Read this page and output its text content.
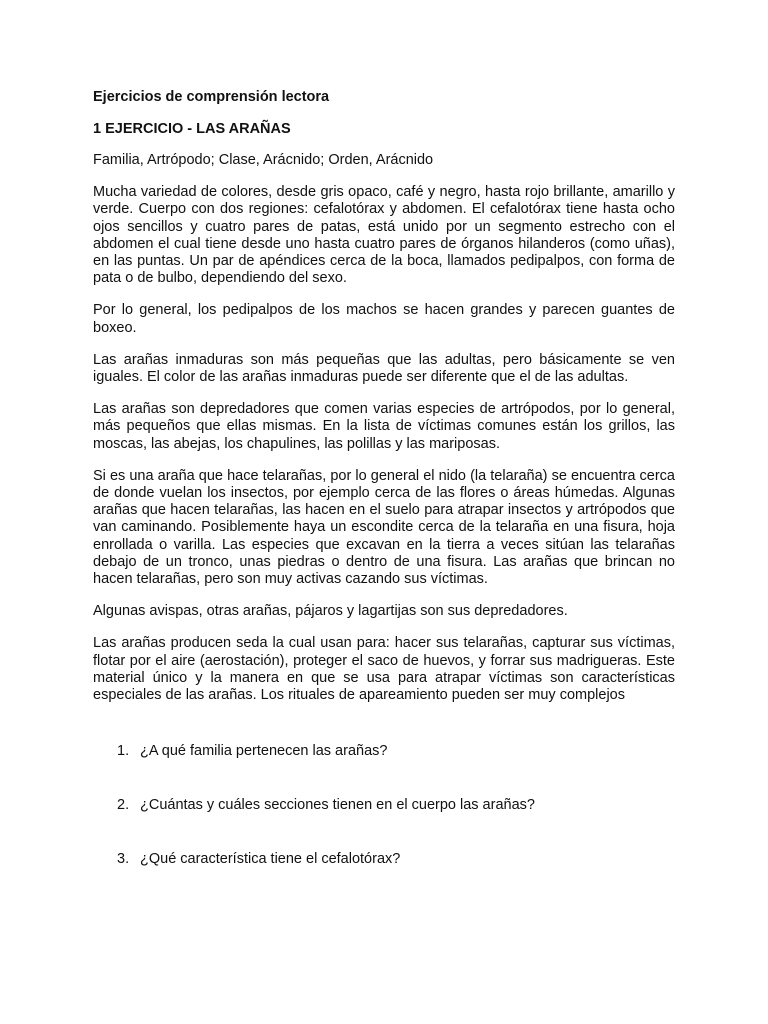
Ejercicios de comprensión lectora
1 EJERCICIO - LAS ARAÑAS

Familia, Artrópodo; Clase, Arácnido; Orden, Arácnido

Mucha variedad de colores, desde gris opaco, café y negro, hasta rojo brillante, amarillo y verde. Cuerpo con dos regiones: cefalotórax y abdomen. El cefalotórax tiene hasta ocho ojos sencillos y cuatro pares de patas, está unido por un segmento estrecho con el abdomen el cual tiene desde uno hasta cuatro pares de órganos hilanderos (como uñas), en las puntas. Un par de apéndices cerca de la boca, llamados pedipalpos, con forma de pata o de bulbo, dependiendo del sexo.

Por lo general, los pedipalpos de los machos se hacen grandes y parecen guantes de boxeo.

Las arañas inmaduras son más pequeñas que las adultas, pero básicamente se ven iguales. El color de las arañas inmaduras puede ser diferente que el de las adultas.

Las arañas son depredadores que comen varias especies de artrópodos, por lo general, más pequeños que ellas mismas. En la lista de víctimas comunes están los grillos, las moscas, las abejas, los chapulines, las polillas y las mariposas.

Si es una araña que hace telarañas, por lo general el nido (la telaraña) se encuentra cerca de donde vuelan los insectos, por ejemplo cerca de las flores o áreas húmedas. Algunas arañas que hacen telarañas, las hacen en el suelo para atrapar insectos y artrópodos que van caminando. Posiblemente haya un escondite cerca de la telaraña en una fisura, hoja enrollada o varilla. Las especies que excavan en la tierra a veces sitúan las telarañas debajo de un tronco, unas piedras o dentro de una fisura. Las arañas que brincan no hacen telarañas, pero son muy activas cazando sus víctimas.

Algunas avispas, otras arañas, pájaros y lagartijas son sus depredadores.

Las arañas producen seda la cual usan para: hacer sus telarañas, capturar sus víctimas, flotar por el aire (aerostación), proteger el saco de huevos, y forrar sus madrigueras. Este material único y la manera en que se usa para atrapar víctimas son características especiales de las arañas. Los rituales de apareamiento pueden ser muy complejos

1. ¿A qué familia pertenecen las arañas?
2. ¿Cuántas y cuáles secciones tienen en el cuerpo las arañas?
3. ¿Qué característica tiene el cefalotórax?
